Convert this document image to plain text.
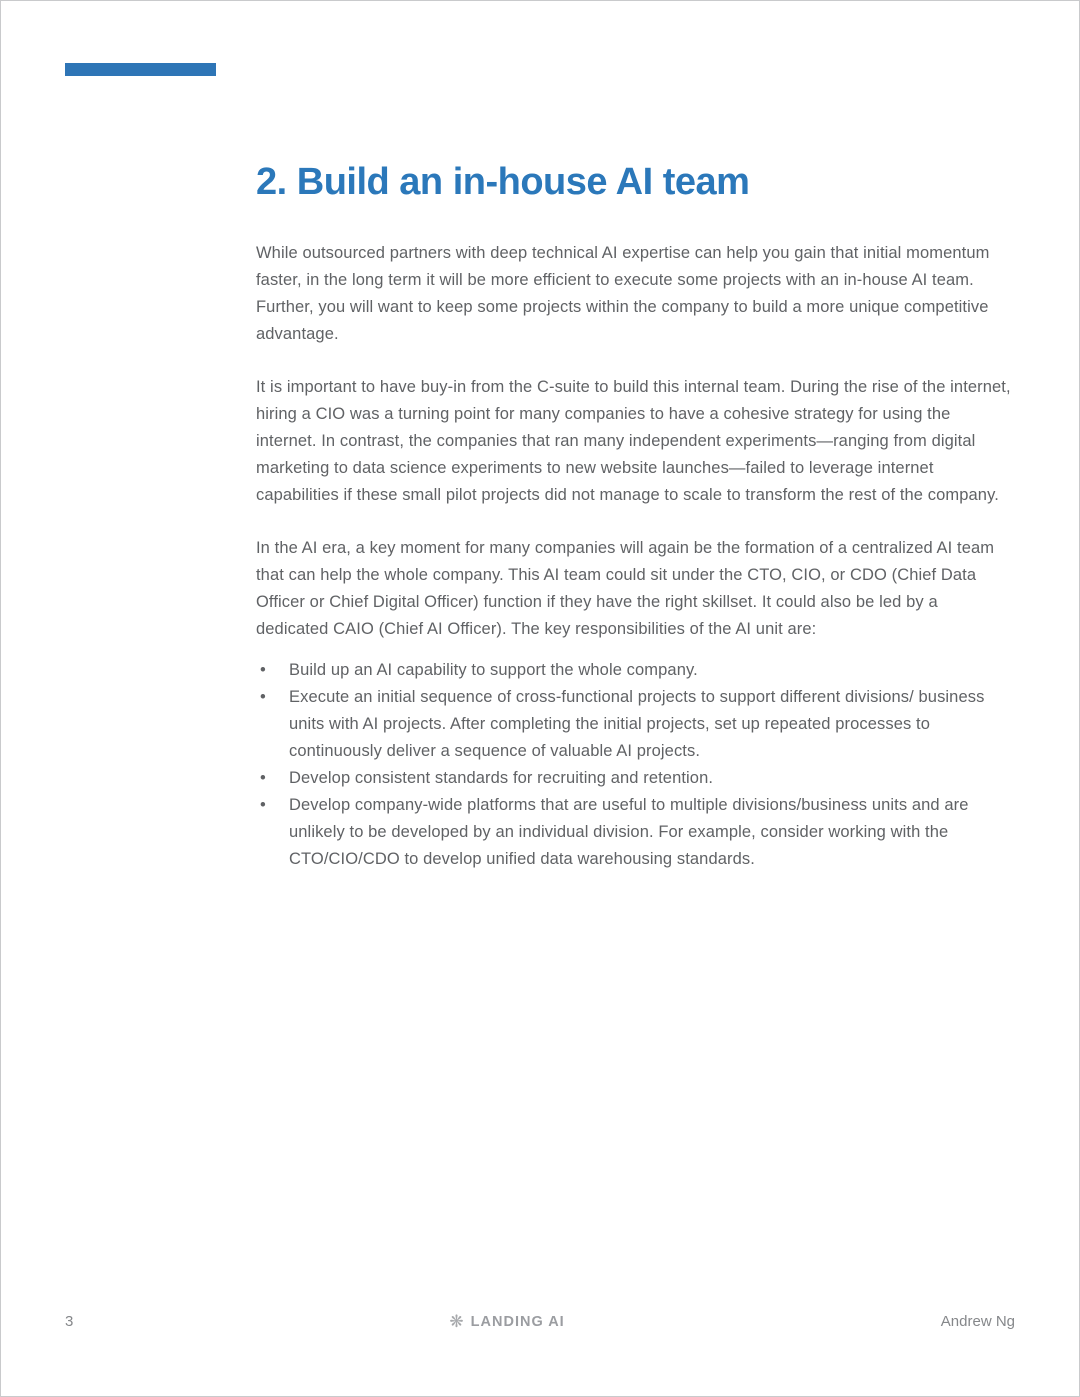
2. Build an in-house AI team

While outsourced partners with deep technical AI expertise can help you gain that initial momentum faster, in the long term it will be more efficient to execute some projects with an in-house AI team. Further, you will want to keep some projects within the company to build a more unique competitive advantage.

It is important to have buy-in from the C-suite to build this internal team. During the rise of the internet, hiring a CIO was a turning point for many companies to have a cohesive strategy for using the internet. In contrast, the companies that ran many independent experiments—ranging from digital marketing to data science experiments to new website launches—failed to leverage internet capabilities if these small pilot projects did not manage to scale to transform the rest of the company.

In the AI era, a key moment for many companies will again be the formation of a centralized AI team that can help the whole company. This AI team could sit under the CTO, CIO, or CDO (Chief Data Officer or Chief Digital Officer) function if they have the right skillset. It could also be led by a dedicated CAIO (Chief AI Officer). The key responsibilities of the AI unit are:

• Build up an AI capability to support the whole company.
• Execute an initial sequence of cross-functional projects to support different divisions/ business units with AI projects. After completing the initial projects, set up repeated processes to continuously deliver a sequence of valuable AI projects.
• Develop consistent standards for recruiting and retention.
• Develop company-wide platforms that are useful to multiple divisions/business units and are unlikely to be developed by an individual division. For example, consider working with the CTO/CIO/CDO to develop unified data warehousing standards.
3	❋ LANDING AI	Andrew Ng
